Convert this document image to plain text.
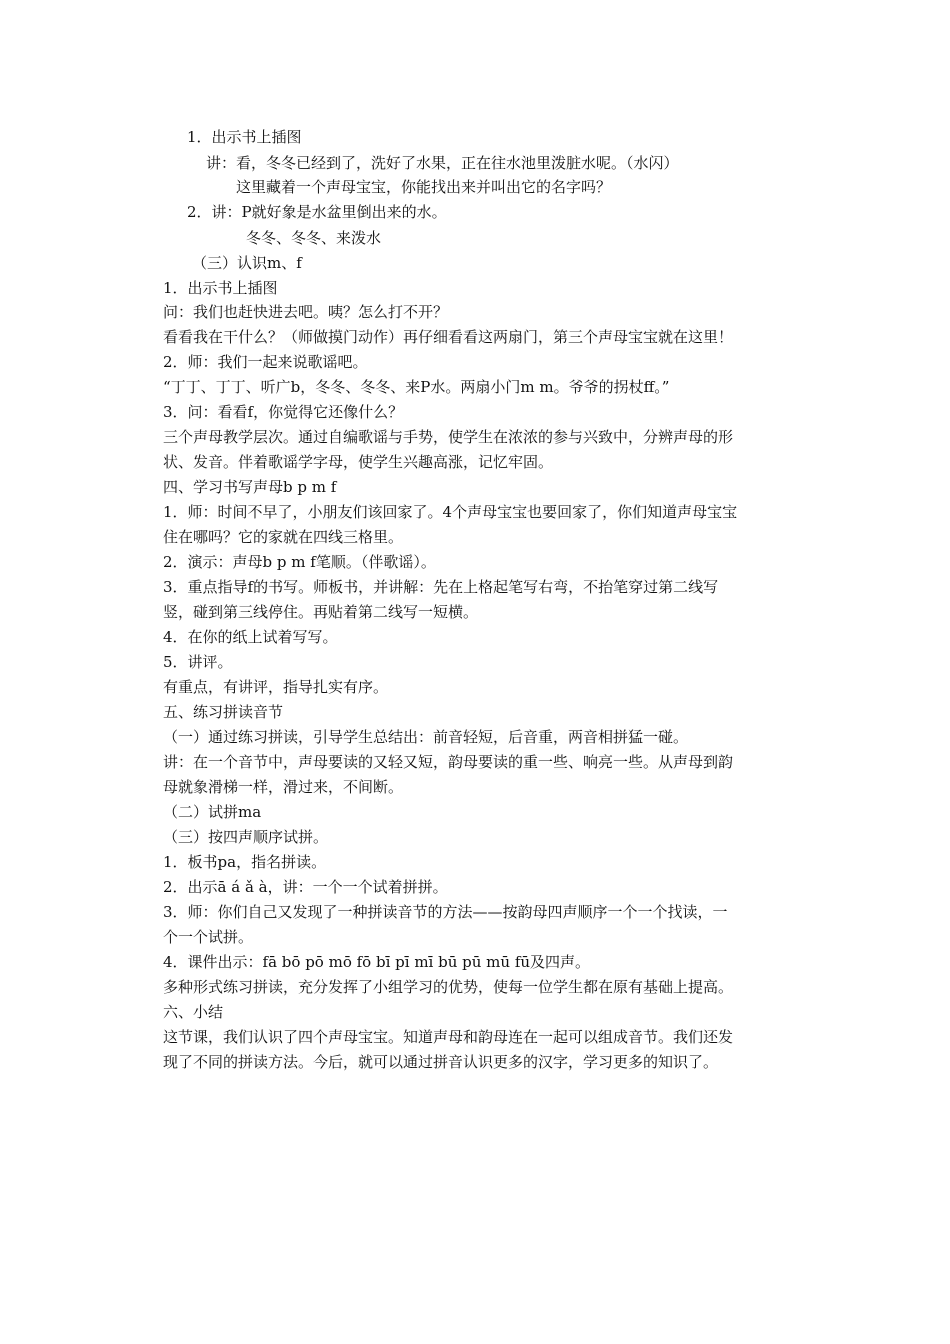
1．出示书上插图
讲：看，冬冬已经到了，洗好了水果，正在往水池里泼脏水呢。（水闪）
这里藏着一个声母宝宝，你能找出来并叫出它的名字吗？
2．讲：P就好象是水盆里倒出来的水。
冬冬、冬冬、来泼水
（三）认识m、f
1．出示书上插图
问：我们也赶快进去吧。咦？怎么打不开？
看看我在干什么？（师做摸门动作）再仔细看看这两扇门，第三个声母宝宝就在这里！
2．师：我们一起来说歌谣吧。
“丁丁、丁丁、听广b，冬冬、冬冬、来P水。两扇小门m m。爷爷的拐杖ff。”
3．问：看看f，你觉得它还像什么？
三个声母教学层次。通过自编歌谣与手势，使学生在浓浓的参与兴致中，分辨声母的形
状、发音。伴着歌谣学字母，使学生兴趣高涨，记忆牢固。
四、学习书写声母b p m f
1．师：时间不早了，小朋友们该回家了。4个声母宝宝也要回家了，你们知道声母宝宝
住在哪吗？它的家就在四线三格里。
2．演示：声母b p m f笔顺。（伴歌谣）。
3．重点指导f的书写。师板书，并讲解：先在上格起笔写右弯，不抬笔穿过第二线写
竖，碰到第三线停住。再贴着第二线写一短横。
4．在你的纸上试着写写。
5．讲评。
有重点，有讲评，指导扎实有序。
五、练习拼读音节
（一）通过练习拼读，引导学生总结出：前音轻短，后音重，两音相拼猛一碰。
讲：在一个音节中，声母要读的又轻又短，韵母要读的重一些、响亮一些。从声母到韵
母就象滑梯一样，滑过来，不间断。
（二）试拼ma
（三）按四声顺序试拼。
1．板书pa，指名拼读。
2．出示ā á ǎ à，讲：一个一个试着拼拼。
3．师：你们自己又发现了一种拼读音节的方法——按韵母四声顺序一个一个找读，一
个一个试拼。
4．课件出示：fā bō pō mō fō bī pī mī bū pū mū fū及四声。
多种形式练习拼读，充分发挥了小组学习的优势，使每一位学生都在原有基础上提高。
六、小结
这节课，我们认识了四个声母宝宝。知道声母和韵母连在一起可以组成音节。我们还发
现了不同的拼读方法。今后，就可以通过拼音认识更多的汉字，学习更多的知识了。
